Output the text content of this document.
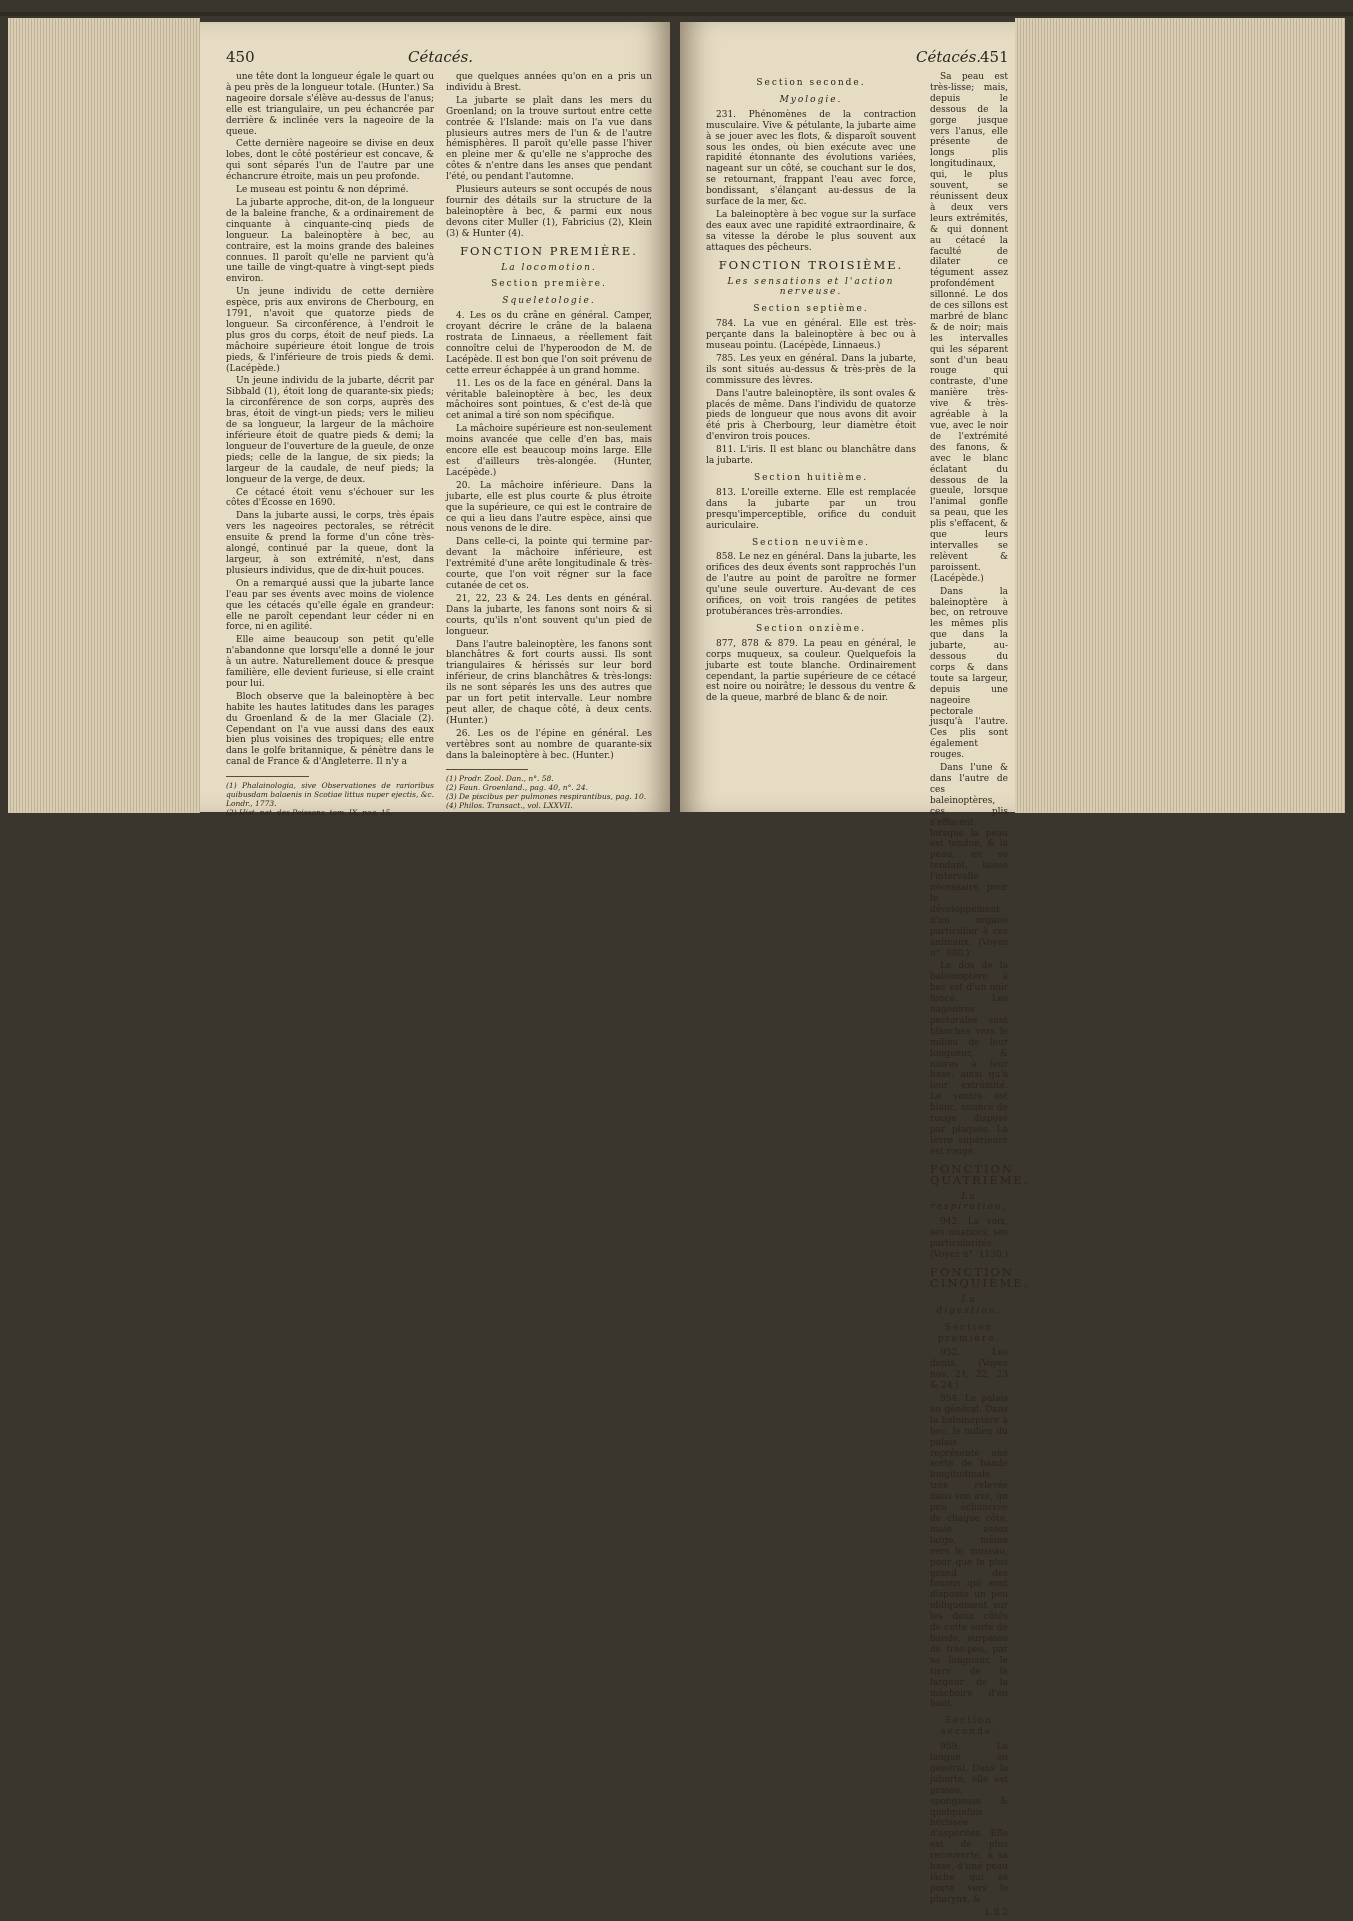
450	Cétacés.

une tête dont la longueur égale le quart ou à peu près de la longueur totale. (Hunter.) Sa nageoire dorsale s'élève au-dessus de l'anus; elle est triangulaire, un peu échancrée par derrière & inclinée vers la nageoire de la queue.

Cette dernière nageoire se divise en deux lobes, dont le côté postérieur est concave, & qui sont séparés l'un de l'autre par une échancrure étroite, mais un peu profonde.

Le museau est pointu & non déprimé.

La jubarte approche, dit-on, de la longueur de la baleine franche, & a ordinairement de cinquante à cinquante-cinq pieds de longueur. La baleinoptère à bec, au contraire, est la moins grande des baleines connues. Il paroît qu'elle ne parvient qu'à une taille de vingt-quatre à vingt-sept pieds environ.

Un jeune individu de cette dernière espèce, pris aux environs de Cherbourg, en 1791, n'avoit que quatorze pieds de longueur. Sa circonférence, à l'endroit le plus gros du corps, étoit de neuf pieds. La mâchoire supérieure étoit longue de trois pieds, & l'inférieure de trois pieds & demi. (Lacépède.)

Un jeune individu de la jubarte, décrit par Sibbald (1), étoit long de quarante-six pieds; la circonférence de son corps, auprès des bras, étoit de vingt-un pieds; vers le milieu de sa longueur, la largeur de la mâchoire inférieure étoit de quatre pieds & demi; la longueur de l'ouverture de la gueule, de onze pieds; celle de la langue, de six pieds; la largeur de la caudale, de neuf pieds; la longueur de la verge, de deux.

Ce cétacé étoit venu s'échouer sur les côtes d'Écosse en 1690.

Dans la jubarte aussi, le corps, très épais vers les nageoires pectorales, se rétrécit ensuite & prend la forme d'un cône très-alongé, continué par la queue, dont la largeur, à son extrémité, n'est, dans plusieurs individus, que de dix-huit pouces.

On a remarqué aussi que la jubarte lance l'eau par ses évents avec moins de violence que les cétacés qu'elle égale en grandeur: elle ne paroît cependant leur céder ni en force, ni en agilité.

Elle aime beaucoup son petit qu'elle n'abandonne que lorsqu'elle a donné le jour à un autre. Naturellement douce & presque familière, elle devient furieuse, si elle craint pour lui.

Bloch observe que la baleinoptère à bec habite les hautes latitudes dans les parages du Groenland & de la mer Glaciale (2). Cependant on l'a vue aussi dans des eaux bien plus voisines des tropiques; elle entre dans le golfe britannique, & pénètre dans le canal de France & d'Angleterre. Il n'y a

(1) Phalainologia, sive Observationes de rarioribus quibusdam balaenis in Scotiae littus nuper ejectis, &c. Londr., 1773.

(2) Hist. nat. des Poissons, tom. IX, pag. 15.

que quelques années qu'on en a pris un individu à Brest.

La jubarte se plaît dans les mers du Groenland; on la trouve surtout entre cette contrée & l'Islande: mais on l'a vue dans plusieurs autres mers de l'un & de l'autre hémisphères. Il paroît qu'elle passe l'hiver en pleine mer & qu'elle ne s'approche des côtes & n'entre dans les anses que pendant l'été, ou pendant l'automne.

Plusieurs auteurs se sont occupés de nous fournir des détails sur la structure de la baleinoptère à bec, & parmi eux nous devons citer Muller (1), Fabricius (2), Klein (3) & Hunter (4).

FONCTION PREMIÈRE.

La locomotion.

Section première.

Squeletologie.

4. Les os du crâne en général. Camper, croyant décrire le crâne de la balaena rostrata de Linnaeus, a réellement fait connoître celui de l'hyperoodon de M. de Lacépède. Il est bon que l'on soit prévenu de cette erreur échappée à un grand homme.

11. Les os de la face en général. Dans la véritable baleinoptère à bec, les deux mâchoires sont pointues, & c'est de-là que cet animal a tiré son nom spécifique.

La mâchoire supérieure est non-seulement moins avancée que celle d'en bas, mais encore elle est beaucoup moins large. Elle est d'ailleurs très-alongée. (Hunter, Lacépède.)

20. La mâchoire inférieure. Dans la jubarte, elle est plus courte & plus étroite que la supérieure, ce qui est le contraire de ce qui a lieu dans l'autre espèce, ainsi que nous venons de le dire.

Dans celle-ci, la pointe qui termine par-devant la mâchoire inférieure, est l'extrémité d'une arête longitudinale & très-courte, que l'on voit régner sur la face cutanée de cet os.

21, 22, 23 & 24. Les dents en général. Dans la jubarte, les fanons sont noirs & si courts, qu'ils n'ont souvent qu'un pied de longueur.

Dans l'autre baleinoptère, les fanons sont blanchâtres & fort courts aussi. Ils sont triangulaires & hérissés sur leur bord inférieur, de crins blanchâtres & très-longs: ils ne sont séparés les uns des autres que par un fort petit intervalle. Leur nombre peut aller, de chaque côté, à deux cents. (Hunter.)

26. Les os de l'épine en général. Les vertèbres sont au nombre de quarante-six dans la baleinoptère à bec. (Hunter.)

(1) Prodr. Zool. Dan., n°. 58.

(2) Faun. Groenland., pag. 40, n°. 24.

(3) De piscibus per pulmones respirantibus, pag. 10.

(4) Philos. Transact., vol. LXXVII.

451
Cétacés.

Section seconde.

Myologie.

231. Phénomènes de la contraction musculaire. Vive & pétulante, la jubarte aime à se jouer avec les flots, & disparoît souvent sous les ondes, où bien exécute avec une rapidité étonnante des évolutions variées, nageant sur un côté, se couchant sur le dos, se retournant, frappant l'eau avec force, bondissant, s'élançant au-dessus de la surface de la mer, &c.

La baleinoptère à bec vogue sur la surface des eaux avec une rapidité extraordinaire, & sa vitesse la dérobe le plus souvent aux attaques des pêcheurs.

FONCTION TROISIÈME.

Les sensations et l'action nerveuse.

Section septième.

784. La vue en général. Elle est très-perçante dans la baleinoptère à bec ou à museau pointu. (Lacépède, Linnaeus.)

785. Les yeux en général. Dans la jubarte, ils sont situés au-dessus & très-près de la commissure des lèvres.

Dans l'autre baleinoptère, ils sont ovales & placés de même. Dans l'individu de quatorze pieds de longueur que nous avons dit avoir été pris à Cherbourg, leur diamètre étoit d'environ trois pouces.

811. L'iris. Il est blanc ou blanchâtre dans la jubarte.

Section huitième.

813. L'oreille externe. Elle est remplacée dans la jubarte par un trou presqu'imperceptible, orifice du conduit auriculaire.

Section neuvième.

858. Le nez en général. Dans la jubarte, les orifices des deux évents sont rapprochés l'un de l'autre au point de paroître ne former qu'une seule ouverture. Au-devant de ces orifices, on voit trois rangées de petites protubérances très-arrondies.

Section onzième.

877, 878 & 879. La peau en général, le corps muqueux, sa couleur. Quelquefois la jubarte est toute blanche. Ordinairement cependant, la partie supérieure de ce cétacé est noire ou noirâtre; le dessous du ventre & de la queue, marbré de blanc & de noir.

Sa peau est très-lisse; mais, depuis le dessous de la gorge jusque vers l'anus, elle présente de longs plis longitudinaux, qui, le plus souvent, se réunissent deux à deux vers leurs extrémités, & qui donnent au cétacé la faculté de dilater ce tégument assez profondément sillonné. Le dos de ces sillons est marbré de blanc & de noir; mais les intervalles qui les séparent sont d'un beau rouge qui contraste, d'une manière très-vive & très-agréable à la vue, avec le noir de l'extrémité des fanons, & avec le blanc éclatant du dessous de la gueule, lorsque l'animal gonfle sa peau, que les plis s'effacent, & que leurs intervalles se relèvent & paroissent. (Lacépède.)

Dans la baleinoptère à bec, on retrouve les mêmes plis que dans la jubarte, au-dessous du corps & dans toute sa largeur, depuis une nageoire pectorale jusqu'à l'autre. Ces plis sont également rouges.

Dans l'une & dans l'autre de ces baleinoptères, ces plis s'effacent lorsque la peau est tendue, & la peau, en se tendant, laisse l'intervalle nécessaire pour le développement d'un organe particulier à ces animaux. (Voyez n°. 980.)

Le dos de la baleinoptère à bec est d'un noir foncé. Les nageoires pectorales sont blanches vers le milieu de leur longueur, & noires à leur base, ainsi qu'à leur extrémité. Le ventre est blanc, nuancé de rouge disposé par plaques. La lèvre supérieure est rouge.

FONCTION QUATRIÈME.

La respiration.

942. La voix, ses nuances, ses particularités. (Voyez n°. 1130.)

FONCTION CINQUIÈME.

La digestion.

Section première.

952. Les dents. (Voyez nos. 21, 22, 23 & 24.)

954. Le palais en général. Dans la baleinoptère à bec, le milieu du palais représente une sorte de bande longitudinale très relevée dans son axe, un peu échancrée de chaque côté, mais assez large, même vers le museau, pour que le plus grand des fanons qui sont disposés un peu obliquement sur les deux côtés de cette sorte de bande, surpasse de très-peu, par sa longueur, le tiers de la largeur de la mâchoire d'en haut.

Section seconde.

959. La langue en général. Dans la jubarte, elle est grasse, spongieuse & quelquefois hérissée d'aspérités. Elle est de plus recouverte, à sa base, d'une peau lâche qui se porte vers le pharynx, &

L ll 2
